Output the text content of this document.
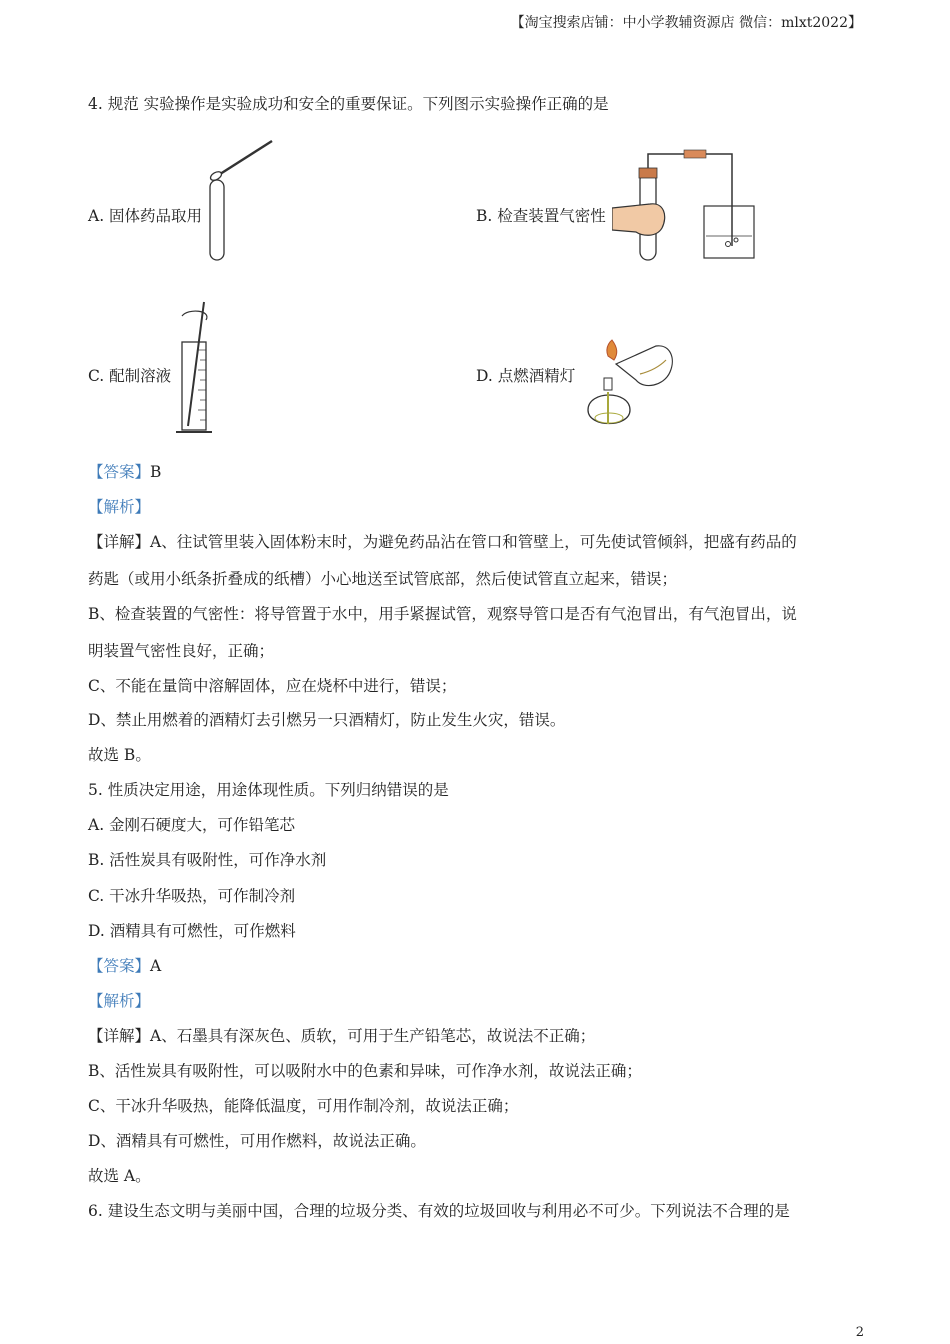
【淘宝搜索店铺：中小学教辅资源店 微信：mlxt2022】
4. 规范 实验操作是实验成功和安全的重要保证。下列图示实验操作正确的是
A. 固体药品取用	B. 检查装置气密性
C. 配制溶液	D. 点燃酒精灯
【答案】B
【解析】
【详解】A、往试管里装入固体粉末时，为避免药品沾在管口和管壁上，可先使试管倾斜，把盛有药品的
药匙（或用小纸条折叠成的纸槽）小心地送至试管底部，然后使试管直立起来，错误；
B、检查装置的气密性：将导管置于水中，用手紧握试管，观察导管口是否有气泡冒出，有气泡冒出，说
明装置气密性良好，正确；
C、不能在量筒中溶解固体，应在烧杯中进行，错误；
D、禁止用燃着的酒精灯去引燃另一只酒精灯，防止发生火灾，错误。
故选 B。
5. 性质决定用途，用途体现性质。下列归纳错误的是
A. 金刚石硬度大，可作铅笔芯
B. 活性炭具有吸附性，可作净水剂
C. 干冰升华吸热，可作制冷剂
D. 酒精具有可燃性，可作燃料
【答案】A
【解析】
【详解】A、石墨具有深灰色、质软，可用于生产铅笔芯，故说法不正确；
B、活性炭具有吸附性，可以吸附水中的色素和异味，可作净水剂，故说法正确；
C、干冰升华吸热，能降低温度，可用作制冷剂，故说法正确；
D、酒精具有可燃性，可用作燃料，故说法正确。
故选 A。
6. 建设生态文明与美丽中国，合理的垃圾分类、有效的垃圾回收与利用必不可少。下列说法不合理的是
2
